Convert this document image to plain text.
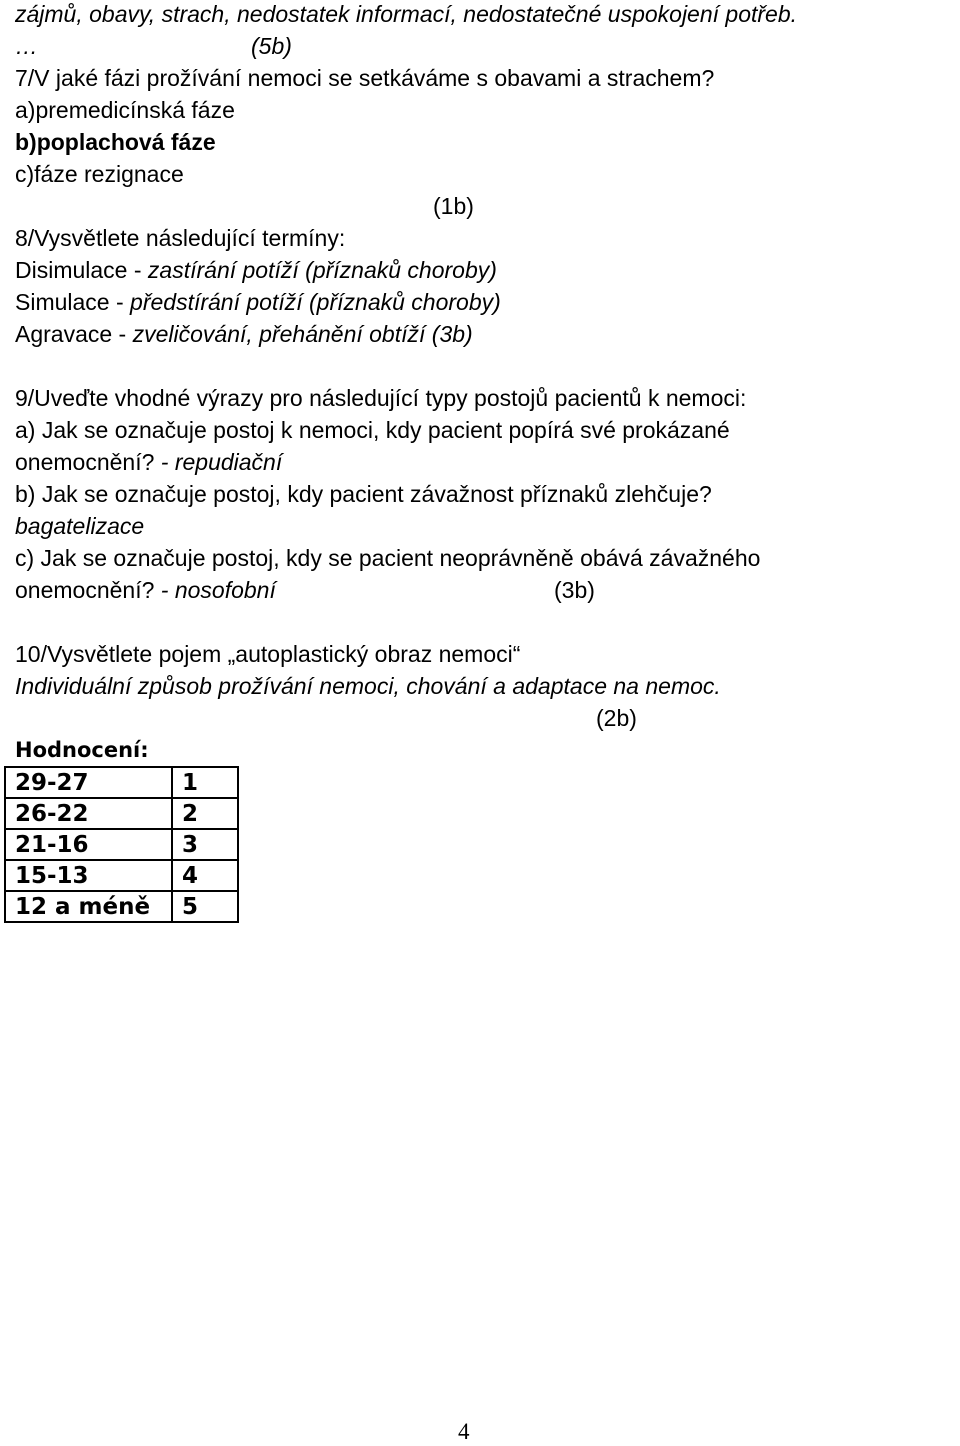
zájmů, obavy, strach, nedostatek informací, nedostatečné uspokojení potřeb.
…	(5b)
7/V jaké fázi prožívání nemoci se setkáváme s obavami a strachem?
a)premedicínská fáze
b)poplachová fáze
c)fáze rezignace
(1b)
8/Vysvětlete následující termíny:
Disimulace - zastírání potíží (příznaků choroby)
Simulace - předstírání potíží (příznaků choroby)
Agravace - zveličování, přehánění obtíží (3b)
9/Uveďte vhodné výrazy pro následující typy postojů pacientů k nemoci:
a) Jak se označuje postoj k nemoci, kdy pacient popírá své prokázané
onemocnění? - repudiační
b) Jak se označuje postoj, kdy pacient závažnost příznaků zlehčuje?
bagatelizace
c) Jak se označuje postoj, kdy se pacient neoprávněně obává závažného
onemocnění? - nosofobní	(3b)
10/Vysvětlete pojem „autoplastický obraz nemoci“
Individuální způsob prožívání nemoci, chování a adaptace na nemoc.
(2b)
Hodnocení:
29-27	1
26-22	2
21-16	3
15-13	4
12 a méně	5
4
